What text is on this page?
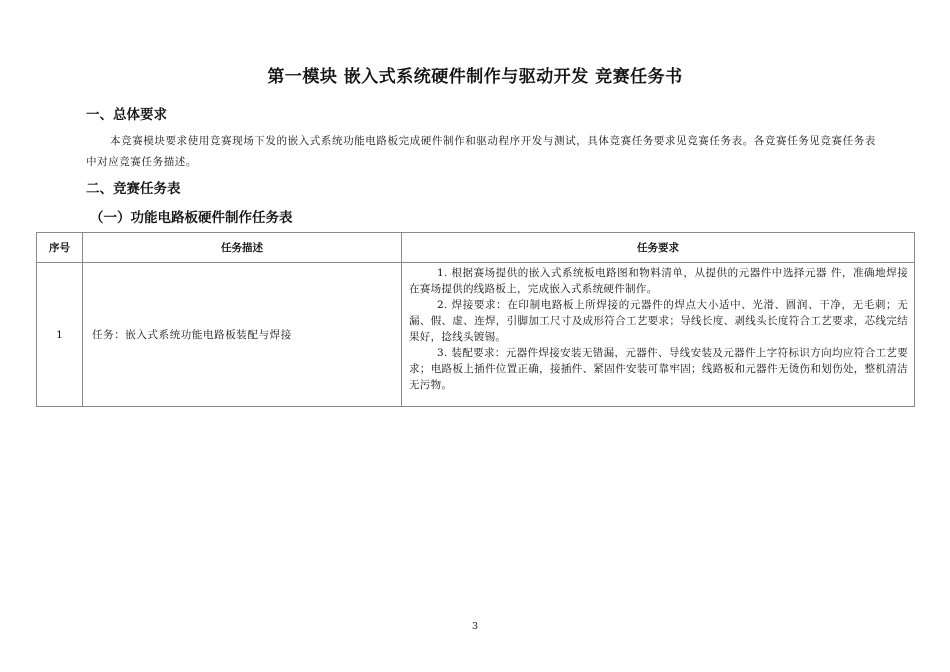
第一模块 嵌入式系统硬件制作与驱动开发 竞赛任务书
一、总体要求
本竞赛模块要求使用竞赛现场下发的嵌入式系统功能电路板完成硬件制作和驱动程序开发与测试，具体竞赛任务要求见竞赛任务表。各竞赛任务见竞赛任务表中对应竞赛任务描述。
二、竞赛任务表
（一）功能电路板硬件制作任务表
序号	任务描述	任务要求
1	任务：嵌入式系统功能电路板装配与焊接	1. 根据赛场提供的嵌入式系统板电路图和物料清单，从提供的元器件中选择元器 件，准确地焊接在赛场提供的线路板上，完成嵌入式系统硬件制作。
2. 焊接要求：在印制电路板上所焊接的元器件的焊点大小适中、光滑、圆润、干净，无毛刺；无漏、假、虚、连焊，引脚加工尺寸及成形符合工艺要求；导线长度、剥线头长度符合工艺要求，芯线完结果好，捻线头镀锡。
3. 装配要求：元器件焊接安装无错漏，元器件、导线安装及元器件上字符标识方向均应符合工艺要求；电路板上插件位置正确，接插件、紧固件安装可靠牢固；线路板和元器件无烫伤和划伤处，整机清洁无污物。
3
